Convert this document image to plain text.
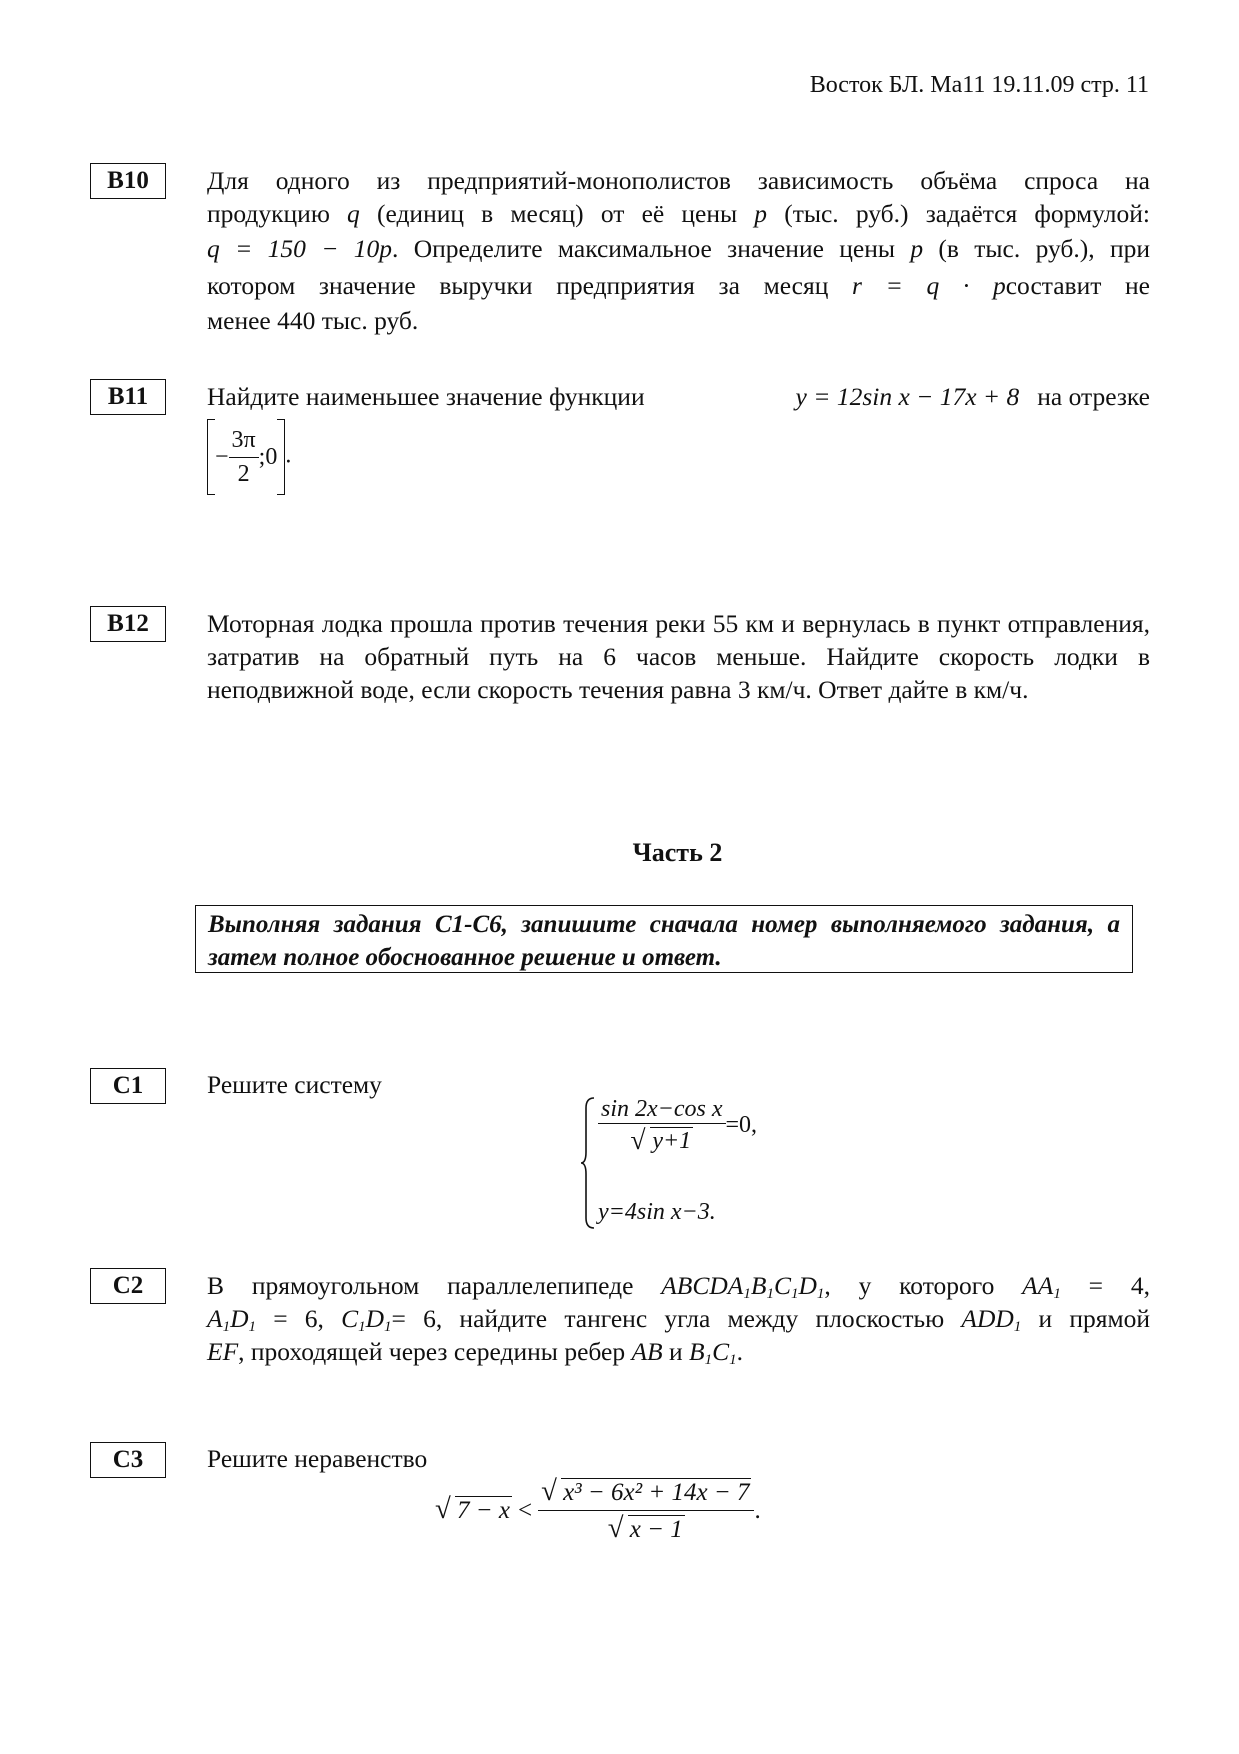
Восток БЛ. Ма11 19.11.09 стр. 11
B10	Для одного из предприятий-монополистов зависимость объёма спроса на

продукцию q (единиц в месяц) от её цены p (тыс. руб.) задаётся формулой:

q = 150 − 10p. Определите максимальное значение цены p (в тыс. руб.), при

котором значение выручки предприятия за месяц r = q · pсоставит не

менее 440 тыс. руб.

B11	Найдите наименьшее значение функции	y = 12sin x − 17x + 8 на отрезке

− $\frac{3\pi}{2}$ ;0 .

B12	Моторная лодка прошла против течения реки 55 км и вернулась в пункт отправления, затратив на обратный путь на 6 часов меньше. Найдите скорость лодки в неподвижной воде, если скорость течения равна 3 км/ч. Ответ дайте в км/ч.
Часть 2
Выполняя задания С1-С6, запишите сначала номер выполняемого задания, а затем полное обоснованное решение и ответ.
С1	Решите систему
sin 2x−cos x
√ y+1 =0,
y=4sin x−3.
С2	В прямоугольном параллелепипеде $ABCDA_1B_1C_1D_1$, у которого $AA_1 = 4$,

$A_1D_1 = 6$, $C_1D_1= 6$, найдите тангенс угла между плоскостью $ADD_1$ и прямой

EF, проходящей через середины ребер AB и $B_1C_1$.

С3	Решите неравенство
√ 7 − x <
√ x³ − 6x² + 14x − 7
√ x − 1 .
